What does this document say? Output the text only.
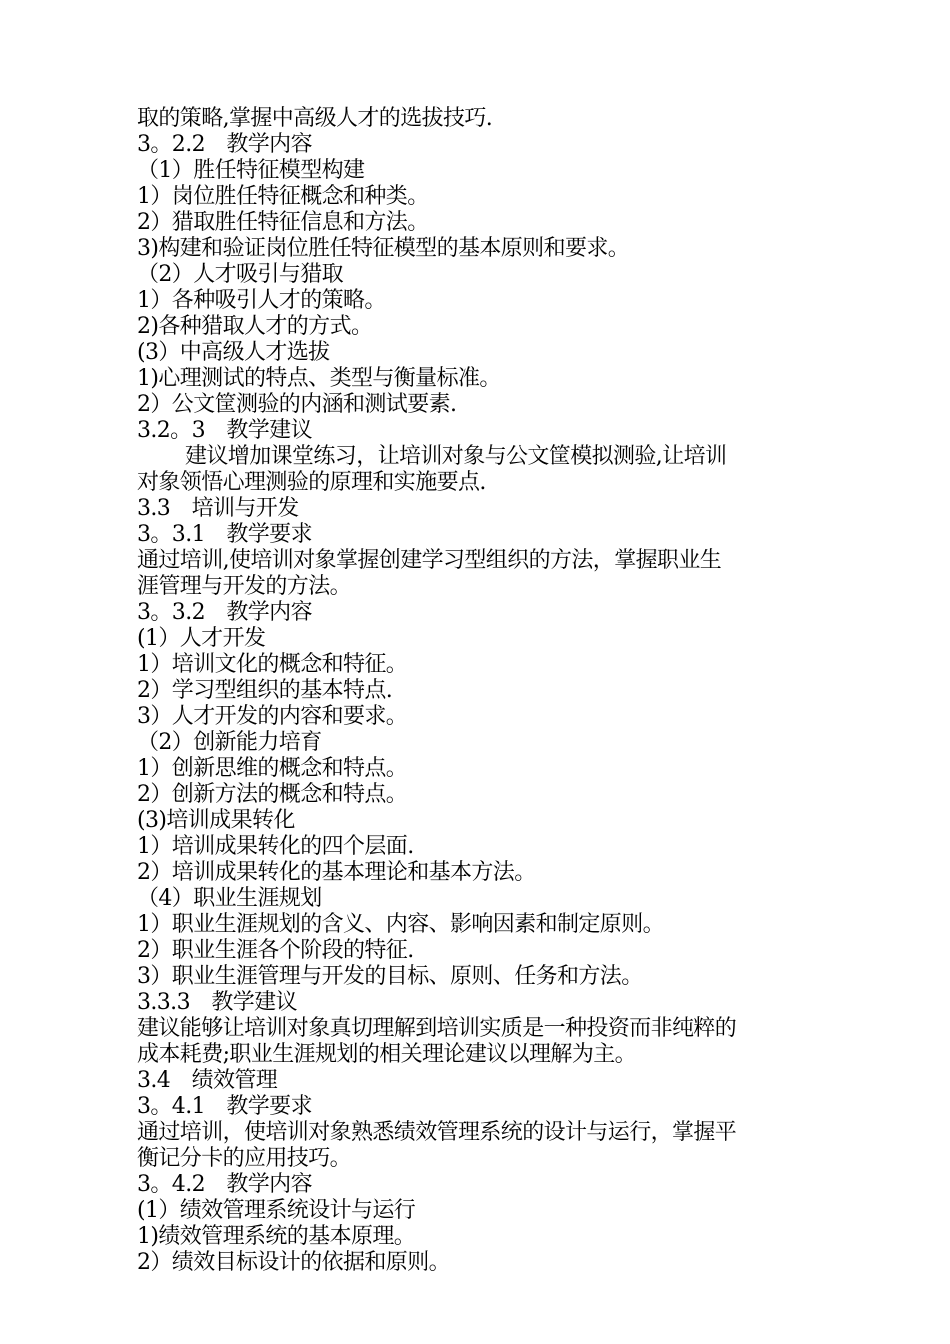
取的策略,掌握中高级人才的选拔技巧.
3。2.2　教学内容
（1）胜任特征模型构建
1）岗位胜任特征概念和种类。
2）猎取胜任特征信息和方法。
3)构建和验证岗位胜任特征模型的基本原则和要求。
（2）人才吸引与猎取
1）各种吸引人才的策略。
2)各种猎取人才的方式。
(3）中高级人才选拔
1)心理测试的特点、类型与衡量标准。
2）公文筐测验的内涵和测试要素.
3.2。3　教学建议
建议增加课堂练习，让培训对象与公文筐模拟测验,让培训
对象领悟心理测验的原理和实施要点.
3.3　培训与开发
3。3.1　教学要求
通过培训,使培训对象掌握创建学习型组织的方法，掌握职业生
涯管理与开发的方法。
3。3.2　教学内容
(1）人才开发
1）培训文化的概念和特征。
2）学习型组织的基本特点.
3）人才开发的内容和要求。
（2）创新能力培育
1）创新思维的概念和特点。
2）创新方法的概念和特点。
(3)培训成果转化
1）培训成果转化的四个层面.
2）培训成果转化的基本理论和基本方法。
（4）职业生涯规划
1）职业生涯规划的含义、内容、影响因素和制定原则。
2）职业生涯各个阶段的特征.
3）职业生涯管理与开发的目标、原则、任务和方法。
3.3.3　教学建议
建议能够让培训对象真切理解到培训实质是一种投资而非纯粹的
成本耗费;职业生涯规划的相关理论建议以理解为主。
3.4　绩效管理
3。4.1　教学要求
通过培训，使培训对象熟悉绩效管理系统的设计与运行，掌握平
衡记分卡的应用技巧。
3。4.2　教学内容
(1）绩效管理系统设计与运行
1)绩效管理系统的基本原理。
2）绩效目标设计的依据和原则。
